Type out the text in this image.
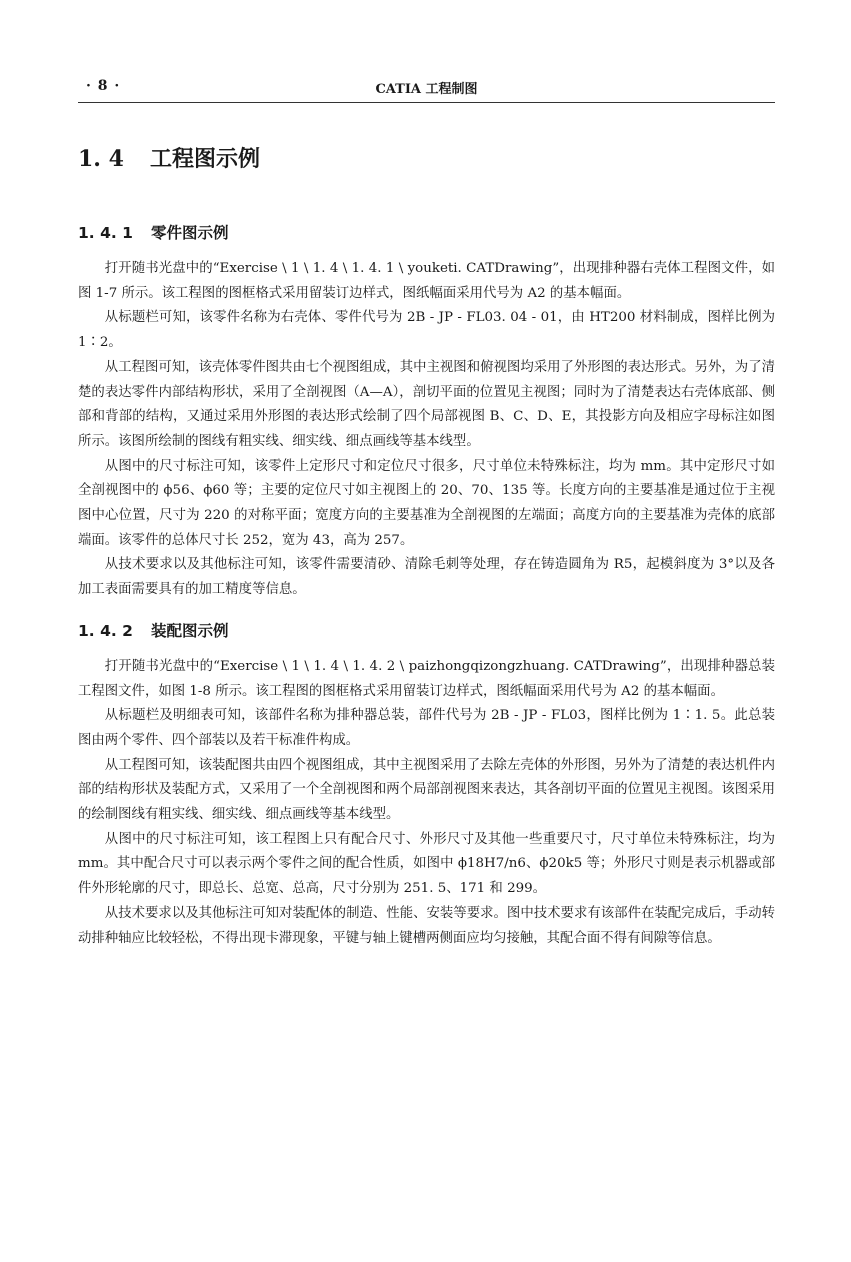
· 8 ·	CATIA 工程制图
1. 4 工程图示例
1. 4. 1 零件图示例

打开随书光盘中的“Exercise \ 1 \ 1. 4 \ 1. 4. 1 \ youketi. CATDrawing”，出现排种器右壳体工程图文件，如图 1-7 所示。该工程图的图框格式采用留装订边样式，图纸幅面采用代号为 A2 的基本幅面。

从标题栏可知，该零件名称为右壳体、零件代号为 2B - JP - FL03. 04 - 01，由 HT200 材料制成，图样比例为 1∶2。

从工程图可知，该壳体零件图共由七个视图组成，其中主视图和俯视图均采用了外形图的表达形式。另外，为了清楚的表达零件内部结构形状，采用了全剖视图（A—A），剖切平面的位置见主视图；同时为了清楚表达右壳体底部、侧部和背部的结构，又通过采用外形图的表达形式绘制了四个局部视图 B、C、D、E，其投影方向及相应字母标注如图所示。该图所绘制的图线有粗实线、细实线、细点画线等基本线型。

从图中的尺寸标注可知，该零件上定形尺寸和定位尺寸很多，尺寸单位未特殊标注，均为 mm。其中定形尺寸如全剖视图中的 ϕ56、ϕ60 等；主要的定位尺寸如主视图上的 20、70、135 等。长度方向的主要基准是通过位于主视图中心位置，尺寸为 220 的对称平面；宽度方向的主要基准为全剖视图的左端面；高度方向的主要基准为壳体的底部端面。该零件的总体尺寸长 252，宽为 43，高为 257。

从技术要求以及其他标注可知，该零件需要清砂、清除毛刺等处理，存在铸造圆角为 R5，起模斜度为 3°以及各加工表面需要具有的加工精度等信息。

1. 4. 2 装配图示例

打开随书光盘中的“Exercise \ 1 \ 1. 4 \ 1. 4. 2 \ paizhongqizongzhuang. CATDrawing”，出现排种器总装工程图文件，如图 1-8 所示。该工程图的图框格式采用留装订边样式，图纸幅面采用代号为 A2 的基本幅面。

从标题栏及明细表可知，该部件名称为排种器总装，部件代号为 2B - JP - FL03，图样比例为 1∶1. 5。此总装图由两个零件、四个部装以及若干标准件构成。

从工程图可知，该装配图共由四个视图组成，其中主视图采用了去除左壳体的外形图，另外为了清楚的表达机件内部的结构形状及装配方式，又采用了一个全剖视图和两个局部剖视图来表达，其各剖切平面的位置见主视图。该图采用的绘制图线有粗实线、细实线、细点画线等基本线型。

从图中的尺寸标注可知，该工程图上只有配合尺寸、外形尺寸及其他一些重要尺寸，尺寸单位未特殊标注，均为 mm。其中配合尺寸可以表示两个零件之间的配合性质，如图中 ϕ18H7/n6、ϕ20k5 等；外形尺寸则是表示机器或部件外形轮廓的尺寸，即总长、总宽、总高，尺寸分别为 251. 5、171 和 299。

从技术要求以及其他标注可知对装配体的制造、性能、安装等要求。图中技术要求有该部件在装配完成后，手动转动排种轴应比较轻松，不得出现卡滞现象，平键与轴上键槽两侧面应均匀接触，其配合面不得有间隙等信息。
